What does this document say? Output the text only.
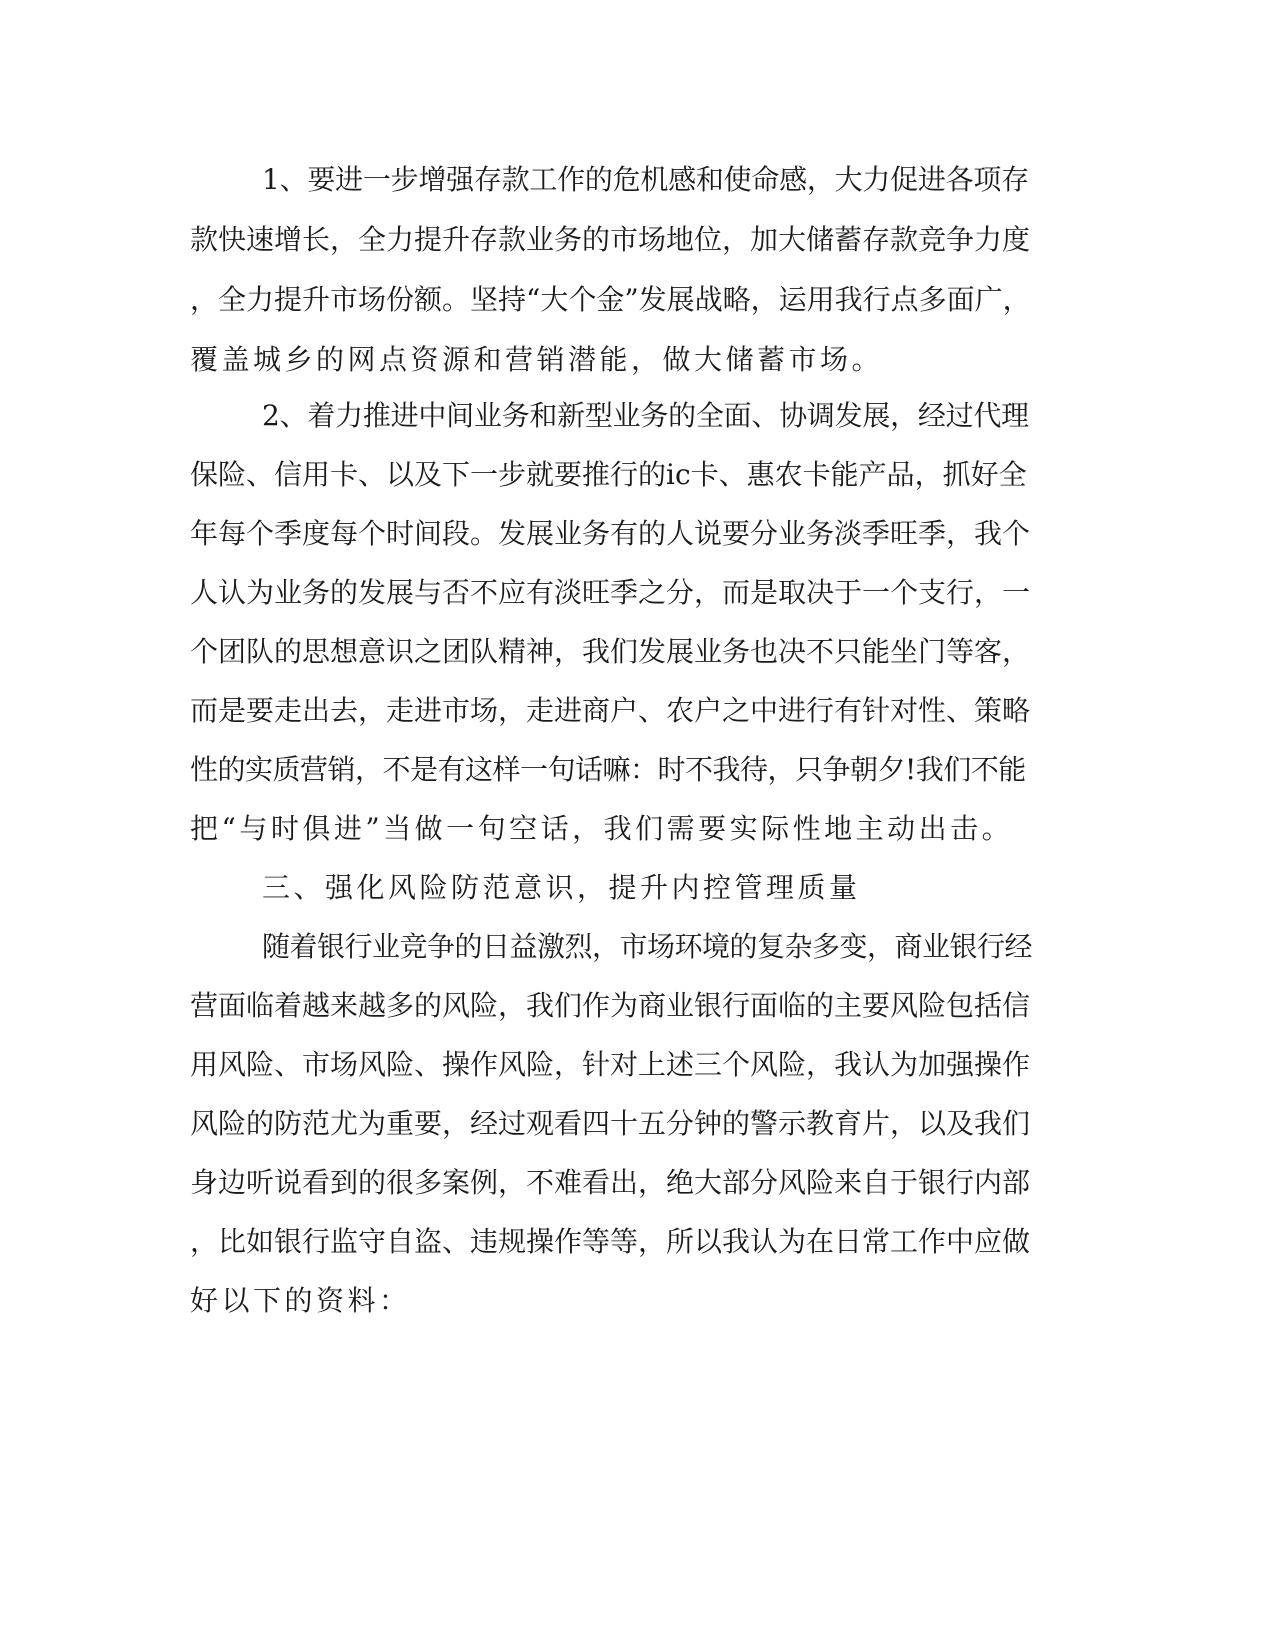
1、要进一步增强存款工作的危机感和使命感，大力促进各项存
款快速增长，全力提升存款业务的市场地位，加大储蓄存款竞争力度
，全力提升市场份额。坚持“大个金”发展战略，运用我行点多面广，
覆盖城乡的网点资源和营销潜能，做大储蓄市场。
2、着力推进中间业务和新型业务的全面、协调发展，经过代理
保险、信用卡、以及下一步就要推行的ic卡、惠农卡能产品，抓好全
年每个季度每个时间段。发展业务有的人说要分业务淡季旺季，我个
人认为业务的发展与否不应有淡旺季之分，而是取决于一个支行，一
个团队的思想意识之团队精神，我们发展业务也决不只能坐门等客，
而是要走出去，走进市场，走进商户、农户之中进行有针对性、策略
性的实质营销，不是有这样一句话嘛：时不我待，只争朝夕!我们不能
把“与时俱进”当做一句空话，我们需要实际性地主动出击。
三、强化风险防范意识，提升内控管理质量
随着银行业竞争的日益激烈，市场环境的复杂多变，商业银行经
营面临着越来越多的风险，我们作为商业银行面临的主要风险包括信
用风险、市场风险、操作风险，针对上述三个风险，我认为加强操作
风险的防范尤为重要，经过观看四十五分钟的警示教育片，以及我们
身边听说看到的很多案例，不难看出，绝大部分风险来自于银行内部
，比如银行监守自盗、违规操作等等，所以我认为在日常工作中应做
好以下的资料：
